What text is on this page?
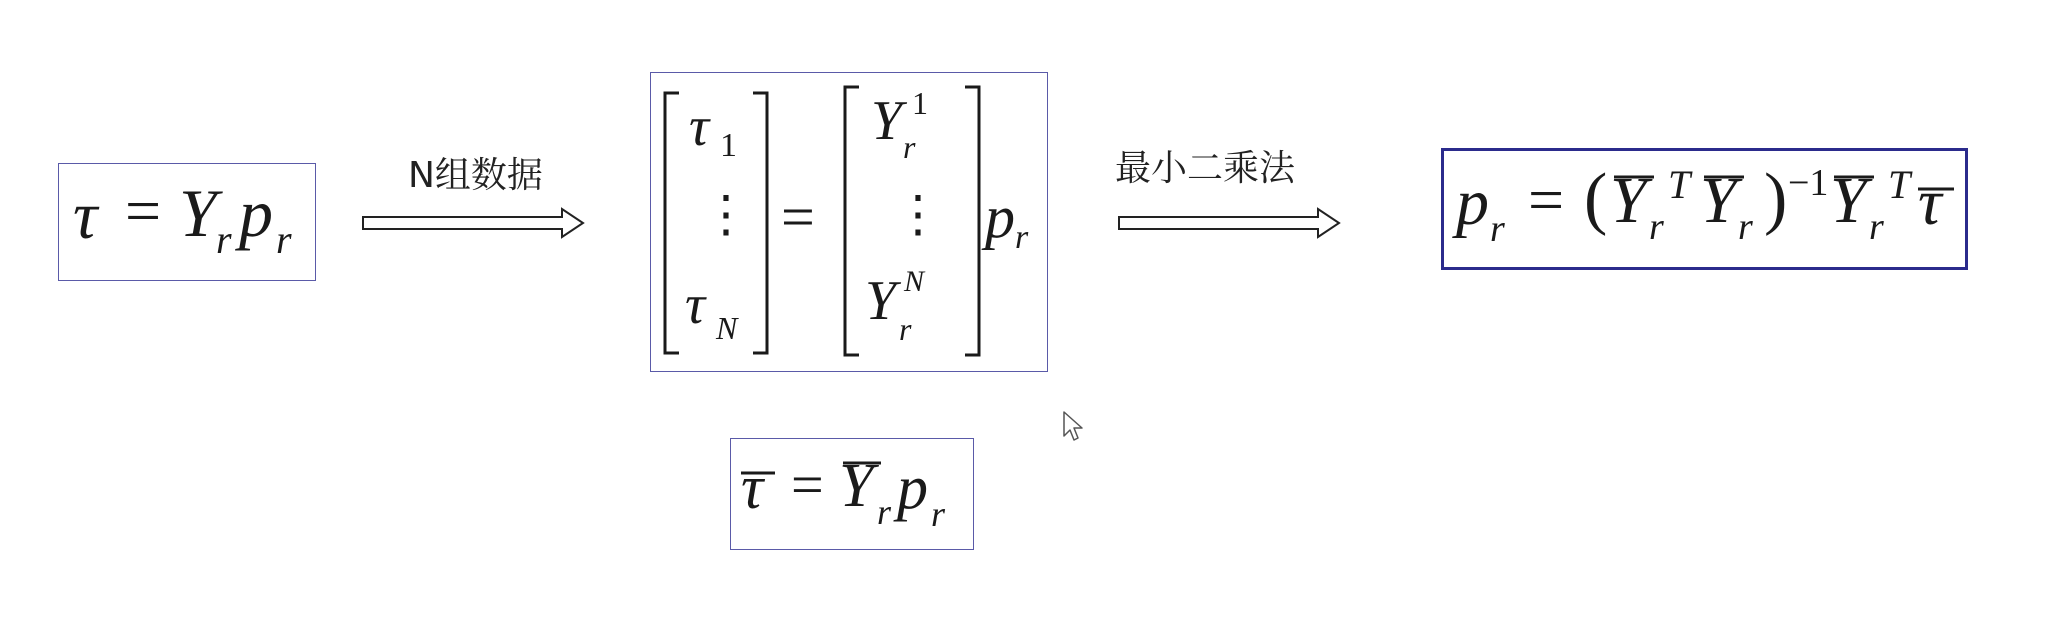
τ = Y r p r
N组数据
τ 1
⋮
τ N
=
Y 1
r
⋮
Y N
r
p r
最小二乘法 p r = ( Y r
T Y r ) −1 Y r
T τ
τ = Y r p r
